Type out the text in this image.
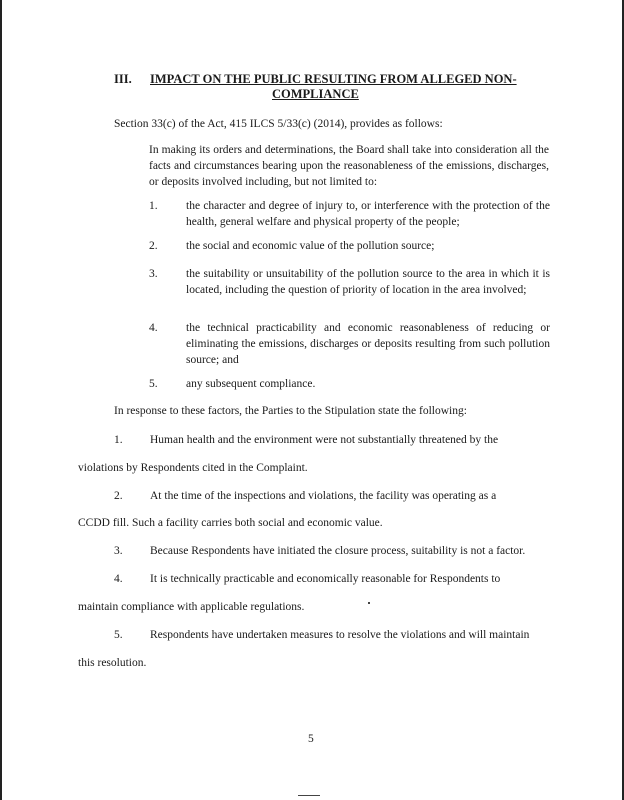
III. IMPACT ON THE PUBLIC RESULTING FROM ALLEGED NON-
COMPLIANCE

Section 33(c) of the Act, 415 ILCS 5/33(c) (2014), provides as follows:

In making its orders and determinations, the Board shall take into consideration all the facts and circumstances bearing upon the reasonableness of the emissions, discharges, or deposits involved including, but not limited to:

1. the character and degree of injury to, or interference with the protection of the health, general welfare and physical property of the people;

2. the social and economic value of the pollution source;

3. the suitability or unsuitability of the pollution source to the area in which it is located, including the question of priority of location in the area involved;

4. the technical practicability and economic reasonableness of reducing or eliminating the emissions, discharges or deposits resulting from such pollution source; and

5. any subsequent compliance.

In response to these factors, the Parties to the Stipulation state the following:

1. Human health and the environment were not substantially threatened by the

violations by Respondents cited in the Complaint.

2. At the time of the inspections and violations, the facility was operating as a

CCDD fill. Such a facility carries both social and economic value.

3. Because Respondents have initiated the closure process, suitability is not a factor.

4. It is technically practicable and economically reasonable for Respondents to

maintain compliance with applicable regulations.

5. Respondents have undertaken measures to resolve the violations and will maintain

this resolution.

5
